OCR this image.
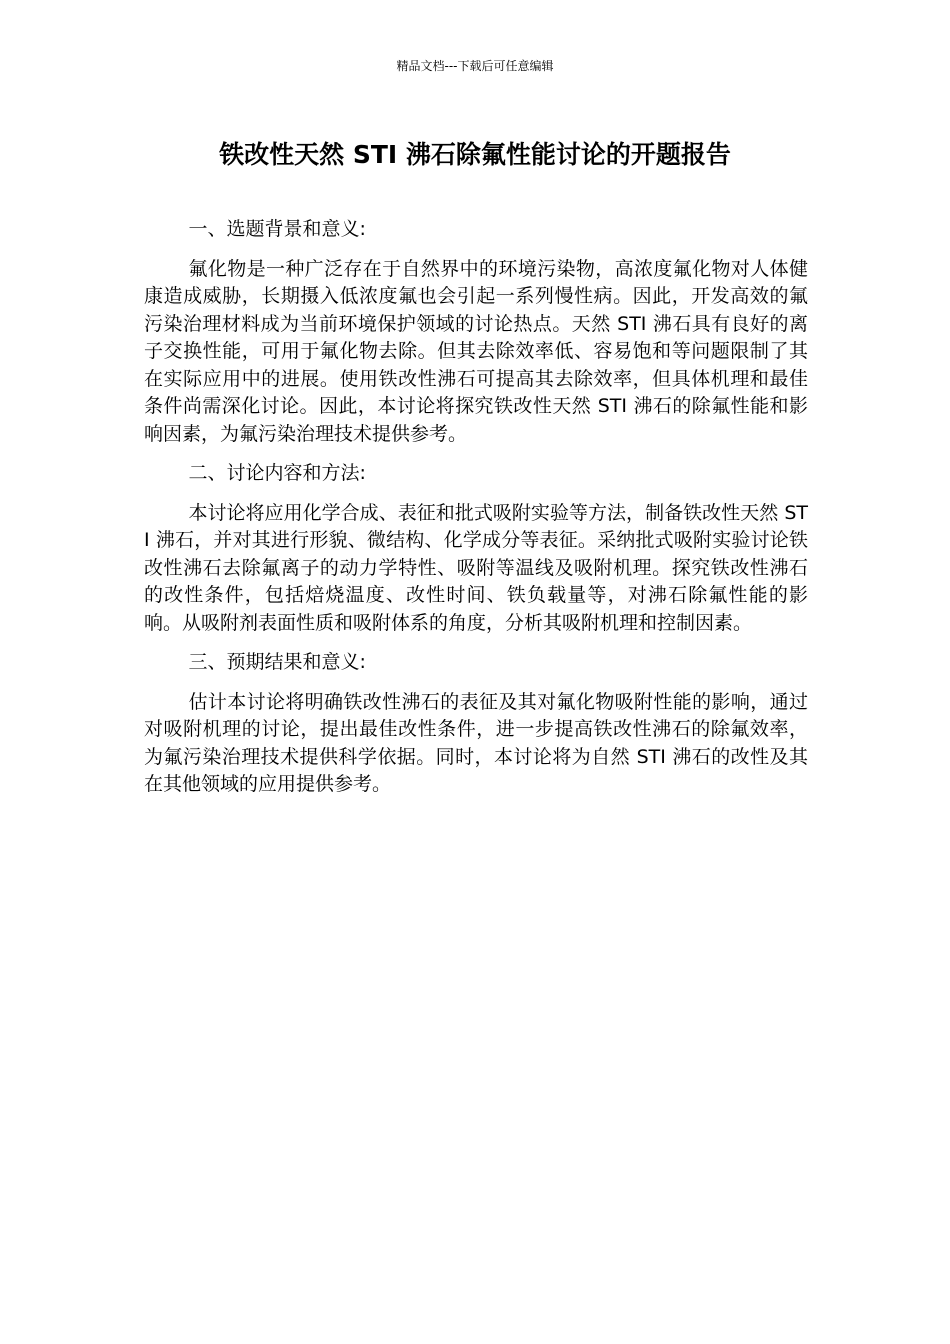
精品文档---下载后可任意编辑
铁改性天然 STI 沸石除氟性能讨论的开题报告

一、选题背景和意义:

氟化物是一种广泛存在于自然界中的环境污染物，高浓度氟化物对人体健康造成威胁，长期摄入低浓度氟也会引起一系列慢性病。因此，开发高效的氟污染治理材料成为当前环境保护领域的讨论热点。天然 STI 沸石具有良好的离子交换性能，可用于氟化物去除。但其去除效率低、容易饱和等问题限制了其在实际应用中的进展。使用铁改性沸石可提高其去除效率，但具体机理和最佳条件尚需深化讨论。因此，本讨论将探究铁改性天然 STI 沸石的除氟性能和影响因素，为氟污染治理技术提供参考。

二、讨论内容和方法:

本讨论将应用化学合成、表征和批式吸附实验等方法，制备铁改性天然 STI 沸石，并对其进行形貌、微结构、化学成分等表征。采纳批式吸附实验讨论铁改性沸石去除氟离子的动力学特性、吸附等温线及吸附机理。探究铁改性沸石的改性条件，包括焙烧温度、改性时间、铁负载量等，对沸石除氟性能的影响。从吸附剂表面性质和吸附体系的角度，分析其吸附机理和控制因素。

三、预期结果和意义:

估计本讨论将明确铁改性沸石的表征及其对氟化物吸附性能的影响，通过对吸附机理的讨论，提出最佳改性条件，进一步提高铁改性沸石的除氟效率，为氟污染治理技术提供科学依据。同时，本讨论将为自然 STI 沸石的改性及其在其他领域的应用提供参考。
